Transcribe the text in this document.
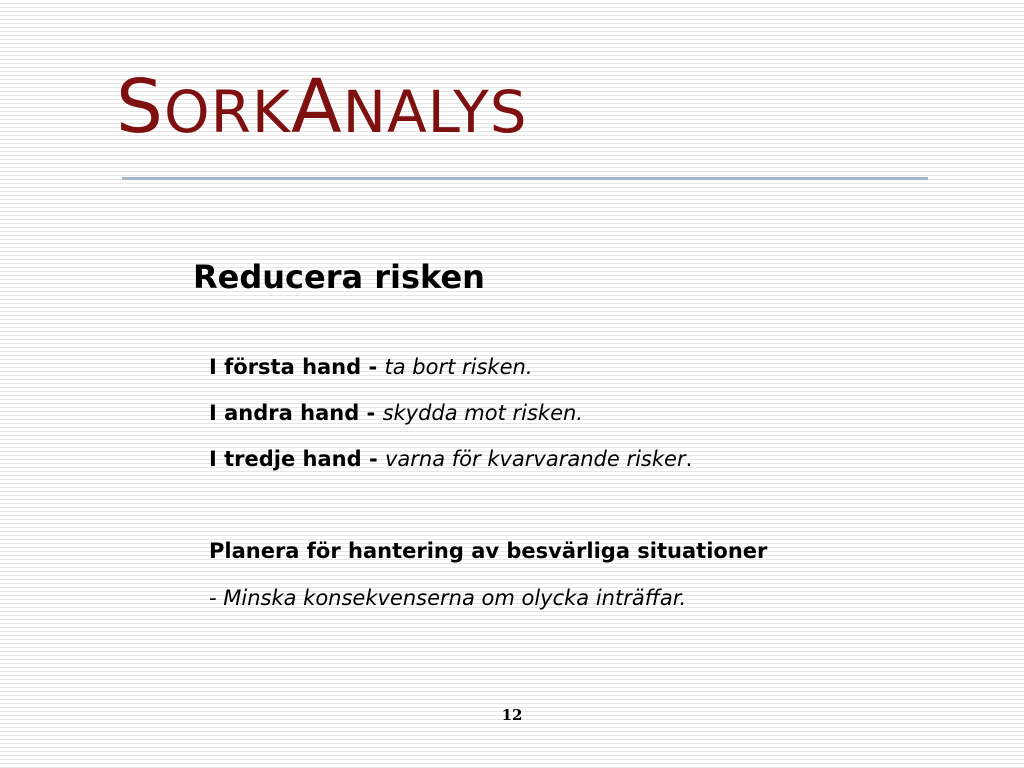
SORKANALYS
Reducera risken

I första hand - ta bort risken.

I andra hand - skydda mot risken.

I tredje hand - varna för kvarvarande risker.

Planera för hantering av besvärliga situationer

- Minska konsekvenserna om olycka inträffar.

12
